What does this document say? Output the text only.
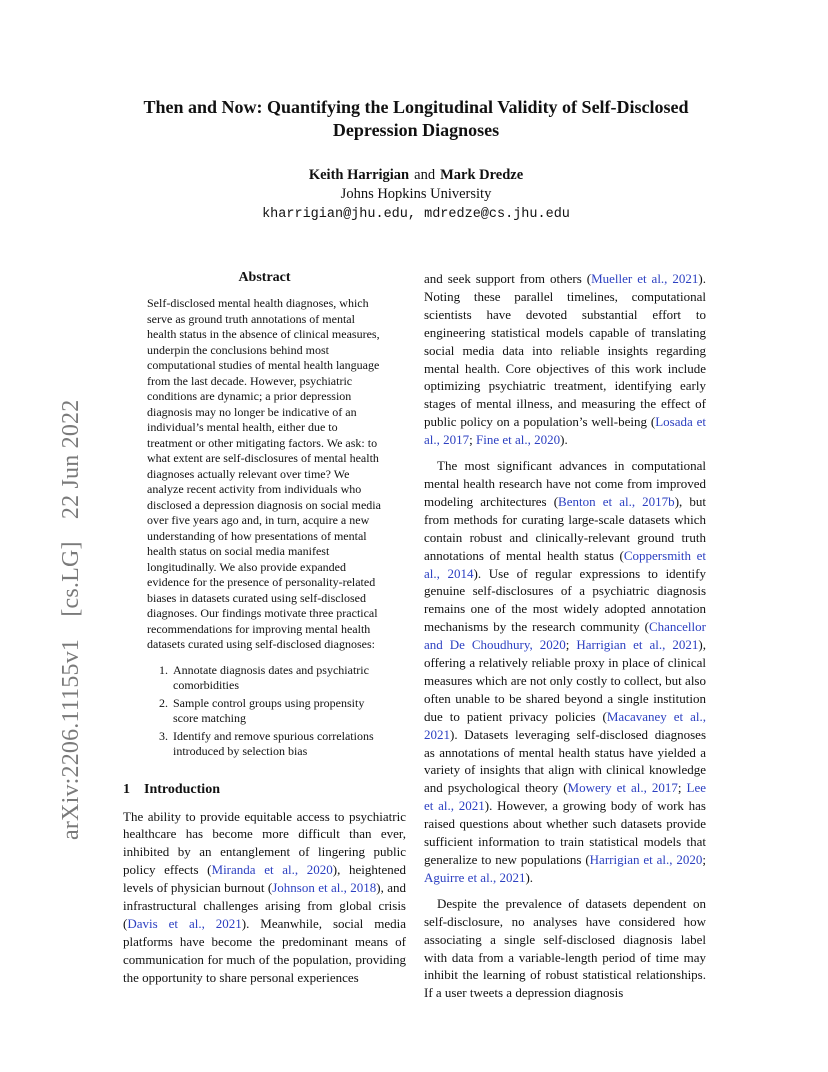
arXiv:2206.11155v1 [cs.LG] 22 Jun 2022
Then and Now: Quantifying the Longitudinal Validity of Self-Disclosed Depression Diagnoses
Keith Harrigian and Mark Dredze
Johns Hopkins University
kharrigian@jhu.edu, mdredze@cs.jhu.edu
Abstract
Self-disclosed mental health diagnoses, which serve as ground truth annotations of mental health status in the absence of clinical measures, underpin the conclusions behind most computational studies of mental health language from the last decade. However, psychiatric conditions are dynamic; a prior depression diagnosis may no longer be indicative of an individual’s mental health, either due to treatment or other mitigating factors. We ask: to what extent are self-disclosures of mental health diagnoses actually relevant over time? We analyze recent activity from individuals who disclosed a depression diagnosis on social media over five years ago and, in turn, acquire a new understanding of how presentations of mental health status on social media manifest longitudinally. We also provide expanded evidence for the presence of personality-related biases in datasets curated using self-disclosed diagnoses. Our findings motivate three practical recommendations for improving mental health datasets curated using self-disclosed diagnoses:
1. Annotate diagnosis dates and psychiatric comorbidities
2. Sample control groups using propensity score matching
3. Identify and remove spurious correlations introduced by selection bias
1 Introduction

The ability to provide equitable access to psychiatric healthcare has become more difficult than ever, inhibited by an entanglement of lingering public policy effects (Miranda et al., 2020), heightened levels of physician burnout (Johnson et al., 2018), and infrastructural challenges arising from global crisis (Davis et al., 2021). Meanwhile, social media platforms have become the predominant means of communication for much of the population, providing the opportunity to share personal experiences

and seek support from others (Mueller et al., 2021). Noting these parallel timelines, computational scientists have devoted substantial effort to engineering statistical models capable of translating social media data into reliable insights regarding mental health. Core objectives of this work include optimizing psychiatric treatment, identifying early stages of mental illness, and measuring the effect of public policy on a population’s well-being (Losada et al., 2017; Fine et al., 2020).

The most significant advances in computational mental health research have not come from improved modeling architectures (Benton et al., 2017b), but from methods for curating large-scale datasets which contain robust and clinically-relevant ground truth annotations of mental health status (Coppersmith et al., 2014). Use of regular expressions to identify genuine self-disclosures of a psychiatric diagnosis remains one of the most widely adopted annotation mechanisms by the research community (Chancellor and De Choudhury, 2020; Harrigian et al., 2021), offering a relatively reliable proxy in place of clinical measures which are not only costly to collect, but also often unable to be shared beyond a single institution due to patient privacy policies (Macavaney et al., 2021). Datasets leveraging self-disclosed diagnoses as annotations of mental health status have yielded a variety of insights that align with clinical knowledge and psychological theory (Mowery et al., 2017; Lee et al., 2021). However, a growing body of work has raised questions about whether such datasets provide sufficient information to train statistical models that generalize to new populations (Harrigian et al., 2020; Aguirre et al., 2021).

Despite the prevalence of datasets dependent on self-disclosure, no analyses have considered how associating a single self-disclosed diagnosis label with data from a variable-length period of time may inhibit the learning of robust statistical relationships. If a user tweets a depression diagnosis
